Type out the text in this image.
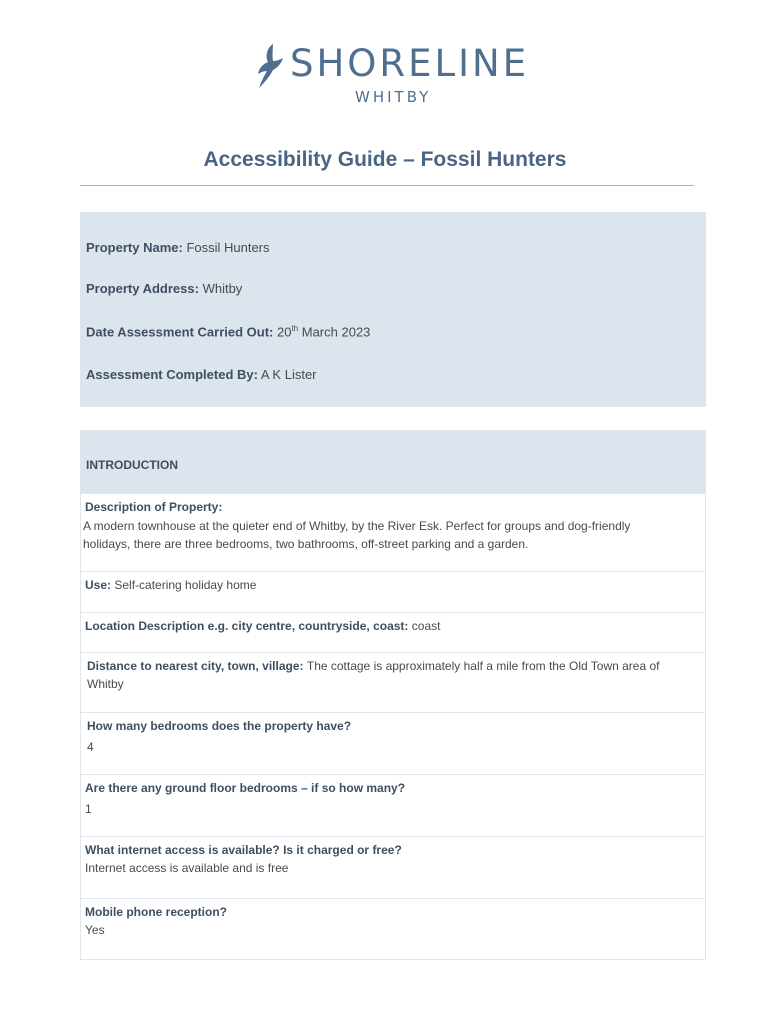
SHORELINE
WHITBY
Accessibility Guide – Fossil Hunters
Property Name: Fossil Hunters
Property Address: Whitby
Date Assessment Carried Out: 20th March 2023
Assessment Completed By: A K Lister
INTRODUCTION
Description of Property:
A modern townhouse at the quieter end of Whitby, by the River Esk. Perfect for groups and dog-friendly
holidays, there are three bedrooms, two bathrooms, off-street parking and a garden.
Use: Self-catering holiday home
Location Description e.g. city centre, countryside, coast: coast
Distance to nearest city, town, village: The cottage is approximately half a mile from the Old Town area of
Whitby
How many bedrooms does the property have?
4
Are there any ground floor bedrooms – if so how many?
1
What internet access is available? Is it charged or free?
Internet access is available and is free
Mobile phone reception?
Yes
